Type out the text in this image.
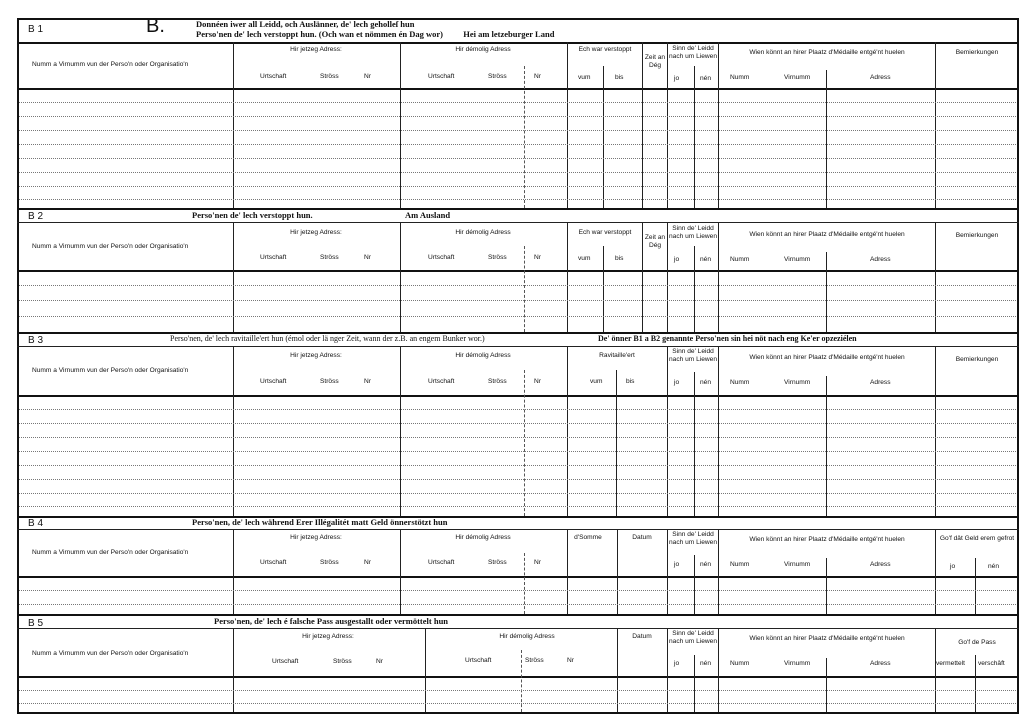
B 1	B.	Donnéen iwer all Leidd, och Auslänner, de' lech geholleſ hun
Perso'nen de' lech verstoppt hun. (Och wan et nömmen én Dag wor) Hei am letzeburger Land
Numm a Virnumm vun der Perso'n oder Organisatio'n
Hir jetzeg Adress:
Urtschaft	Ströss	Nr
Hir démolig Adress
Urtschaft	Ströss	Nr
Ech war verstoppt
vum	bis
Zeit an Dég
Sinn de' Leidd nach um Liewen
jo	nén
Wien könnt an hirer Plaatz d'Médaille entgé'nt huelen
Numm	Virnumm	Adress
Bemierkungen
B 2	Perso'nen de' lech verstoppt hun.	Am Ausland
Numm a Virnumm vun der Perso'n oder Organisatio'n
Hir jetzeg Adress:
Urtschaft	Ströss	Nr
Hir démolig Adress
Urtschaft	Ströss	Nr
Ech war verstoppt
vum	bis
Zeit an Dég
Sinn de' Leidd nach um Liewen
jo	nén
Wien könnt an hirer Plaatz d'Médaille entgé'nt huelen
Numm	Virnumm	Adress
Bemierkungen
B 3	Perso'nen, de' lech ravitaille'ert hun (émol oder lä nger Zeit, wann der z.B. an engem Bunker wor.)	De' önner B1 a B2 genannte Perso'nen sin hei nöt nach eng Ke'er opzeziélen
Numm a Virnumm vun der Perso'n oder Organisatio'n
Hir jetzeg Adress:
Urtschaft	Ströss	Nr
Hir démolig Adress
Urtschaft	Ströss	Nr
Ravitaille'ert
vum	bis
Sinn de' Leidd nach um Liewen
jo	nén
Wien könnt an hirer Plaatz d'Médaille entgé'nt huelen
Numm	Virnumm	Adress
Bemierkungen
B 4	Perso'nen, de' lech während Erer Illégalitét matt Geld önnerstötzt hun
Numm a Virnumm vun der Perso'n oder Organisatio'n
Hir jetzeg Adress:
Urtschaft	Ströss	Nr
Hir démolig Adress
Urtschaft	Ströss	Nr
d'Somme	Datum	Sinn de' Leidd nach um Liewen
jo	nén
Wien könnt an hirer Plaatz d'Médaille entgé'nt huelen
Numm	Virnumm	Adress
Go'f dât Geld erem gefrot
jo	nén
B 5	Perso'nen, de' lech é falsche Pass ausgestallt oder vermöttelt hun
Numm a Virnumm vun der Perso'n oder Organisatio'n
Hir jetzeg Adress:
Urtschaft	Ströss	Nr
Hir démolig Adress
Urtschaft	Ströss	Nr
Datum	Sinn de' Leidd nach um Liewen
jo	nén
Wien könnt an hirer Plaatz d'Médaille entgé'nt huelen
Numm	Virnumm	Adress
Go'f de Pass
vermettelt verschâft
